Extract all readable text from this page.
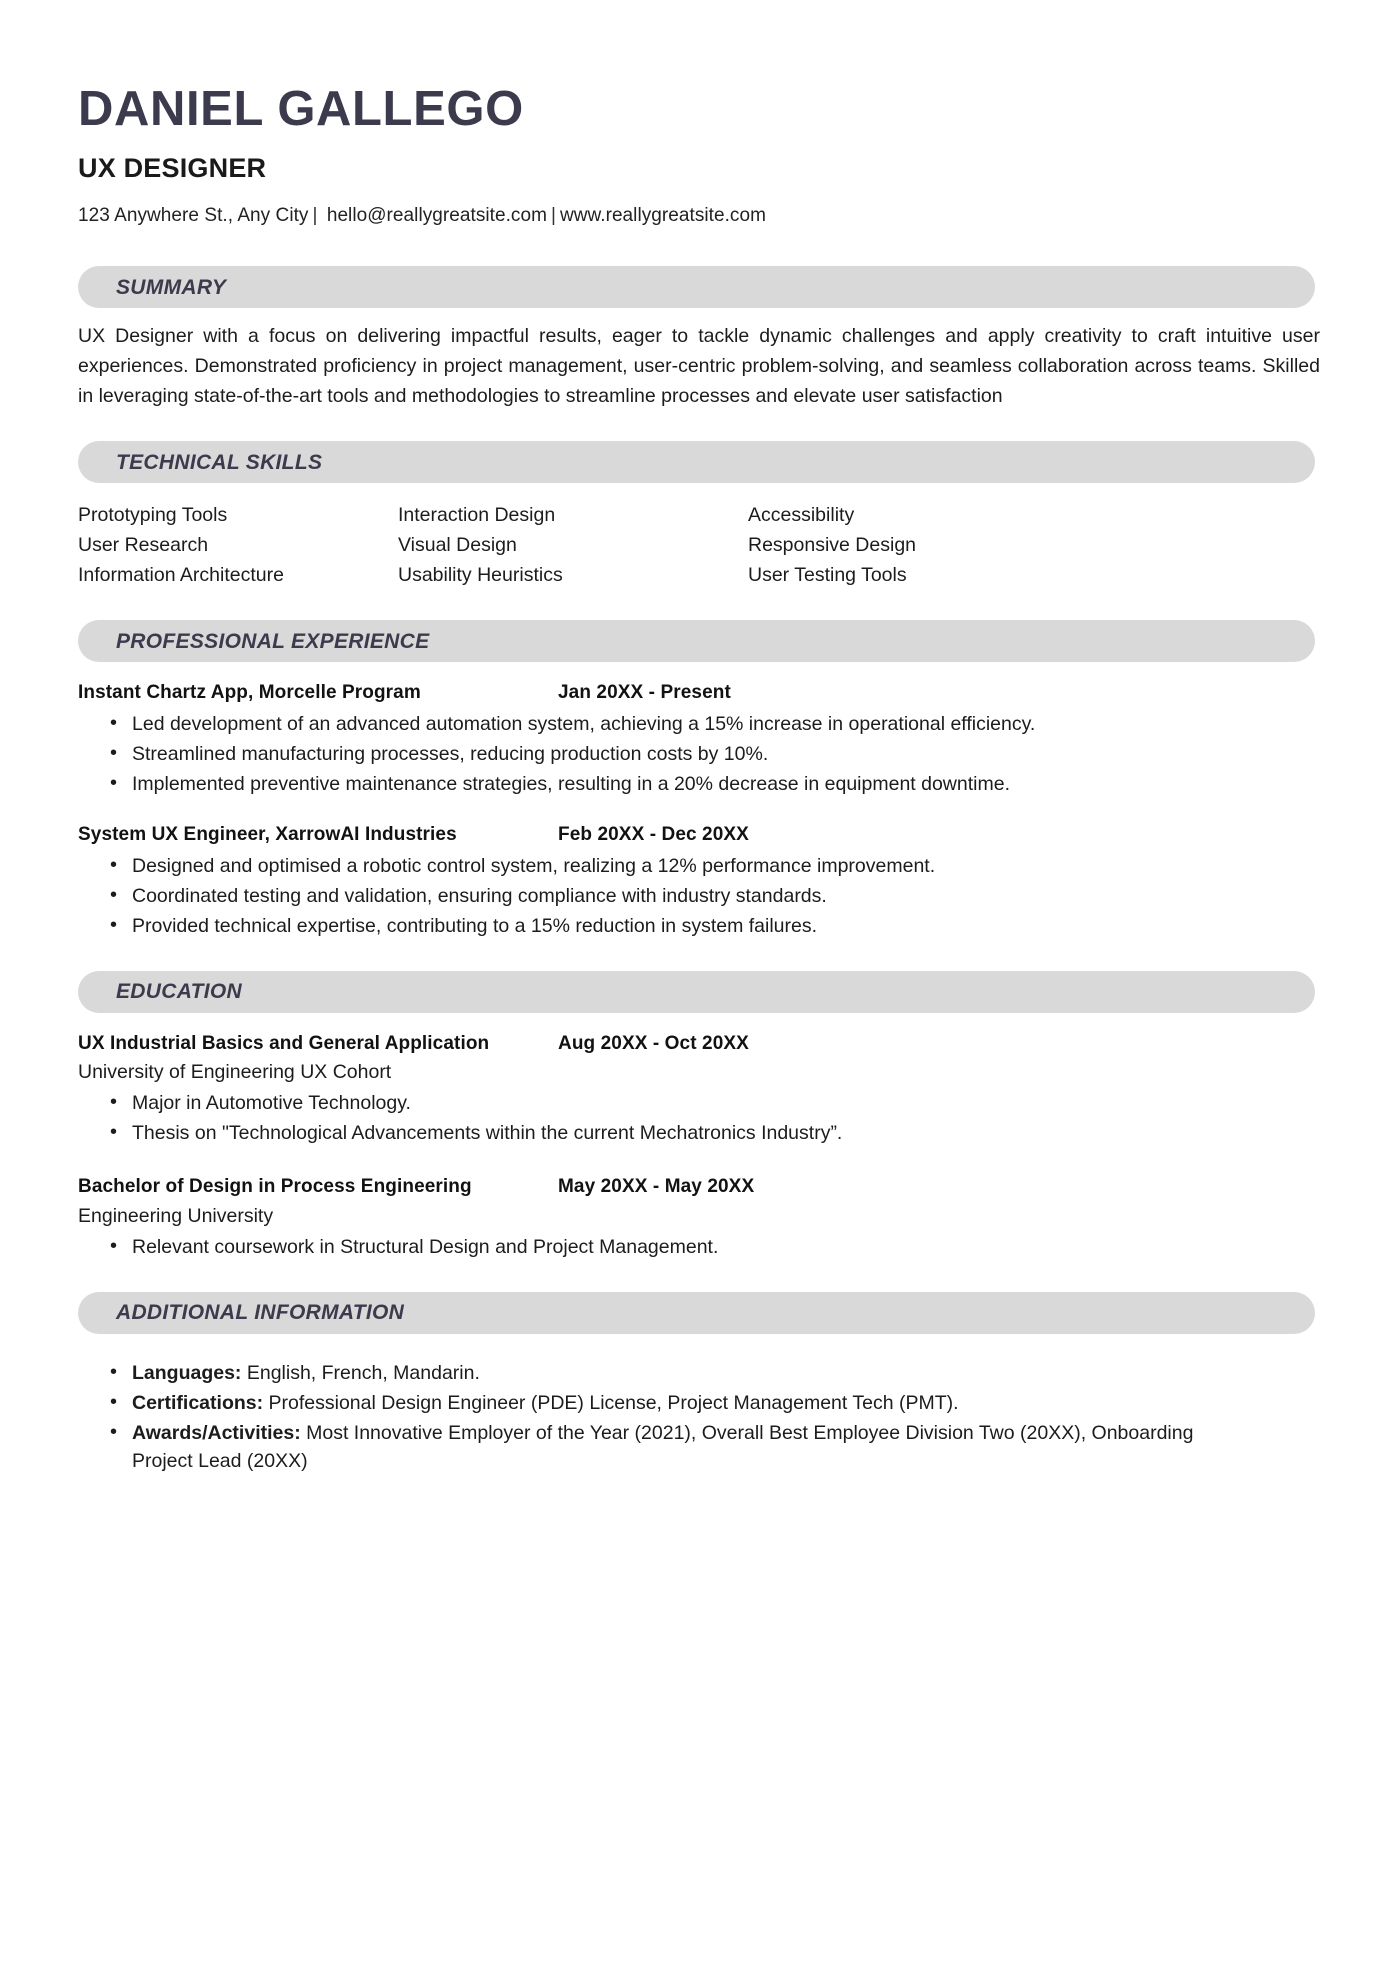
DANIEL GALLEGO
UX DESIGNER
123 Anywhere St., Any City | hello@reallygreatsite.com | www.reallygreatsite.com
SUMMARY

UX Designer with a focus on delivering impactful results, eager to tackle dynamic challenges and apply creativity to craft intuitive user experiences. Demonstrated proficiency in project management, user-centric problem-solving, and seamless collaboration across teams. Skilled in leveraging state-of-the-art tools and methodologies to streamline processes and elevate user satisfaction

TECHNICAL SKILLS
Prototyping Tools	Interaction Design	Accessibility
User Research	Visual Design	Responsive Design
Information Architecture	Usability Heuristics	User Testing Tools
PROFESSIONAL EXPERIENCE
Instant Chartz App, Morcelle Program	Jan 20XX - Present
• Led development of an advanced automation system, achieving a 15% increase in operational efficiency.
• Streamlined manufacturing processes, reducing production costs by 10%.
• Implemented preventive maintenance strategies, resulting in a 20% decrease in equipment downtime.
System UX Engineer, XarrowAI Industries	Feb 20XX - Dec 20XX
• Designed and optimised a robotic control system, realizing a 12% performance improvement.
• Coordinated testing and validation, ensuring compliance with industry standards.
• Provided technical expertise, contributing to a 15% reduction in system failures.
EDUCATION
UX Industrial Basics and General Application	Aug 20XX - Oct 20XX
University of Engineering UX Cohort
• Major in Automotive Technology.
• Thesis on "Technological Advancements within the current Mechatronics Industry”.
Bachelor of Design in Process Engineering	May 20XX - May 20XX
Engineering University
• Relevant coursework in Structural Design and Project Management.
ADDITIONAL INFORMATION
• Languages: English, French, Mandarin.
• Certifications: Professional Design Engineer (PDE) License, Project Management Tech (PMT).
• Awards/Activities: Most Innovative Employer of the Year (2021), Overall Best Employee Division Two (20XX), Onboarding Project Lead (20XX)
